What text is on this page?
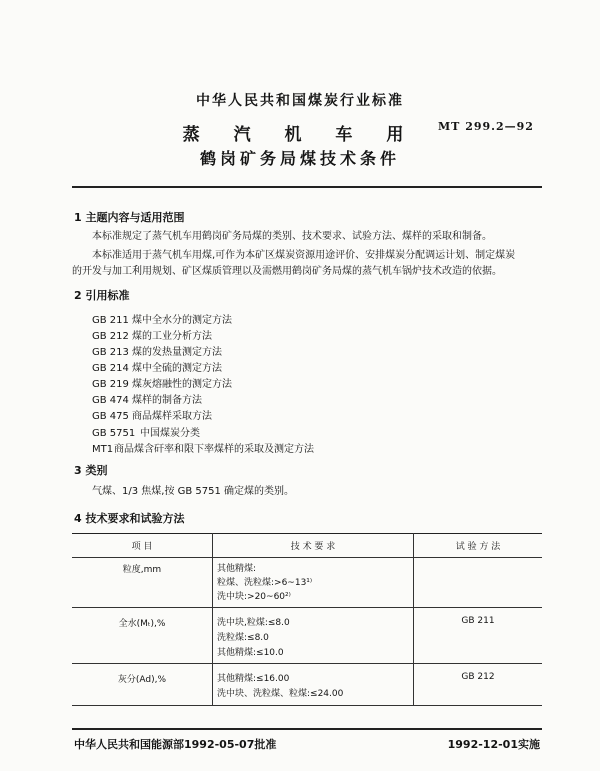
中华人民共和国煤炭行业标准
蒸 汽 机 车 用
鹤岗矿务局煤技术条件
MT 299.2—92
1 主题内容与适用范围
本标准规定了蒸气机车用鹤岗矿务局煤的类别、技术要求、试验方法、煤样的采取和制备。
本标准适用于蒸气机车用煤,可作为本矿区煤炭资源用途评价、安排煤炭分配调运计划、制定煤炭
的开发与加工利用规划、矿区煤质管理以及需燃用鹤岗矿务局煤的蒸气机车锅炉技术改造的依据。
2 引用标准
GB 211 煤中全水分的测定方法
GB 212 煤的工业分析方法
GB 213 煤的发热量测定方法
GB 214 煤中全硫的测定方法
GB 219 煤灰熔融性的测定方法
GB 474 煤样的制备方法
GB 475 商品煤样采取方法
GB 5751 中国煤炭分类
MT1商品煤含矸率和限下率煤样的采取及测定方法
3 类别
气煤、1/3 焦煤,按 GB 5751 确定煤的类别。
4 技术要求和试验方法
项 目	技 术 要 求	试 验 方 法
粒度,mm	其他精煤:
粒煤、洗粒煤:>6~13¹⁾
洗中块:>20~60²⁾	

全水(Mₜ),%	洗中块,粒煤:≤8.0
洗粒煤:≤8.0
其他精煤:≤10.0	GB 211
灰分(Ad),%	其他精煤:≤16.00
洗中块、洗粒煤、粒煤:≤24.00	GB 212
中华人民共和国能源部1992-05-07批准	1992-12-01实施
